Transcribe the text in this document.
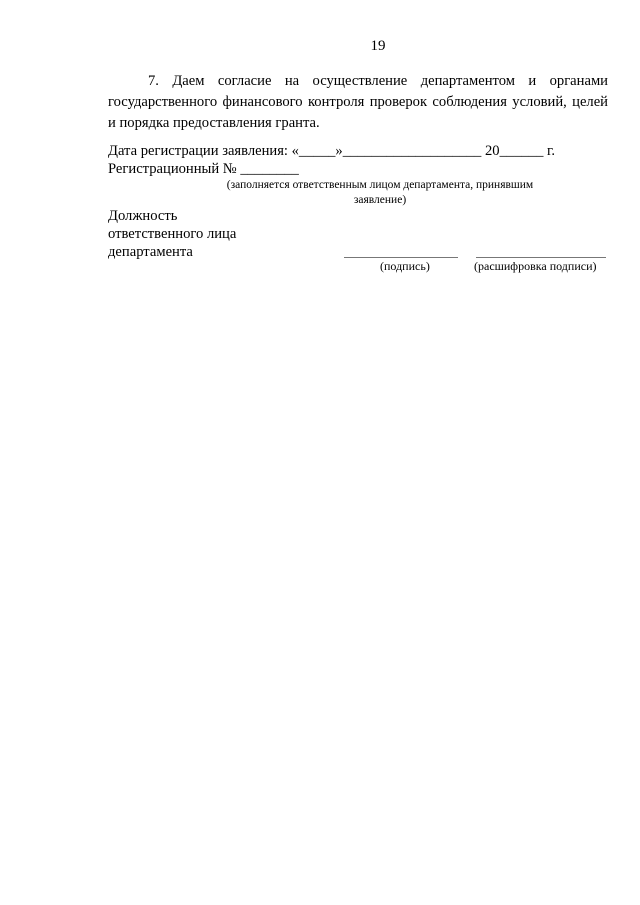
19

7. Даем согласие на осуществление департаментом и органами государственного финансового контроля проверок соблюдения условий, целей и порядка предоставления гранта.

Дата регистрации заявления: «_____»___________________ 20______ г.
Регистрационный № ________
(заполняется ответственным лицом департамента, принявшим заявление)
Должность
ответственного лица
департамента
(подпись)	(расшифровка подписи)
